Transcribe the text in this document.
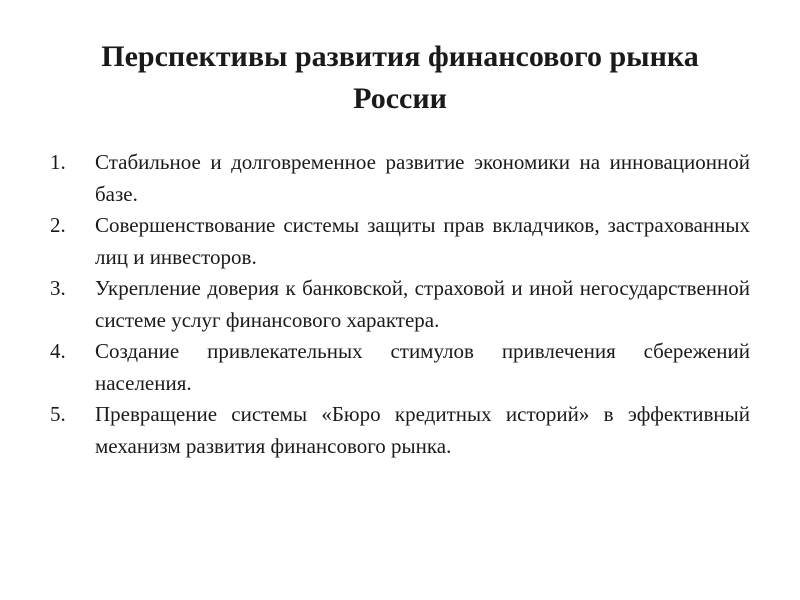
Перспективы развития финансового рынка России
1.	Стабильное и долговременное развитие экономики на инновационной базе.
2.	Совершенствование системы защиты прав вкладчиков, застрахованных лиц и инвесторов.
3.	Укрепление доверия к банковской, страховой и иной негосударственной системе услуг финансового характера.
4.	Создание привлекательных стимулов привлечения сбережений населения.
5.	Превращение системы «Бюро кредитных историй» в эффективный механизм развития финансового рынка.
